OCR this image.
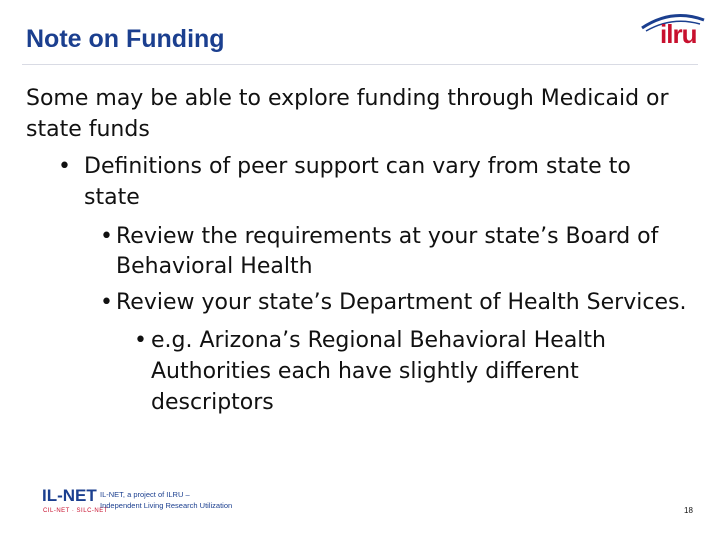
Note on Funding	ilru
Some may be able to explore funding through Medicaid or
state funds
• Definitions of peer support can vary from state to
state
• Review the requirements at your state’s Board of
Behavioral Health
• Review your state’s Department of Health Services.
• e.g. Arizona’s Regional Behavioral Health
Authorities each have slightly different
descriptors
IL-NET
CIL-NET · SILC-NET
IL-NET, a project of ILRU –
Independent Living Research Utilization
18
